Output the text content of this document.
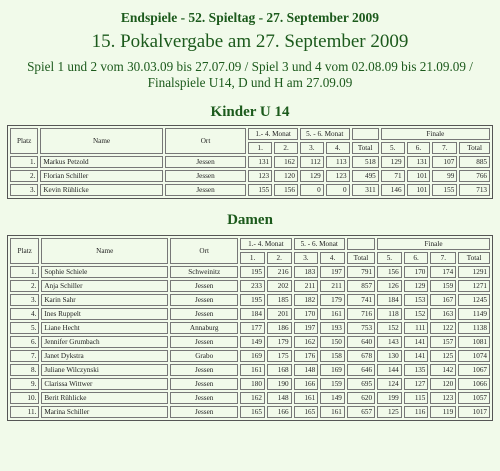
Endspiele - 52. Spieltag - 27. September 2009
15. Pokalvergabe am 27. September 2009
Spiel 1 und 2 vom 30.03.09 bis 27.07.09 / Spiel 3 und 4 vom 02.08.09 bis 21.09.09 /
Finalspiele U14, D und H am 27.09.09
Kinder U 14
Platz	Name	Ort	1.- 4. Monat		5. - 6. Monat			Finale			
			1.	2.	3.	4.	Total	5.	6.	7.	Total
1.	Markus Petzold	Jessen	131	162	112	113	518	129	131	107	885
2.	Florian Schiller	Jessen	123	120	129	123	495	71	101	99	766
3.	Kevin Rühlicke	Jessen	155	156	0	0	311	146	101	155	713
Damen
Platz	Name	Ort	1.- 4. Monat		5. - 6. Monat			Finale			
			1.	2.	3.	4.	Total	5.	6.	7.	Total
1.	Sophie Schiele	Schweinitz	195	216	183	197	791	156	170	174	1291
2.	Anja Schiller	Jessen	233	202	211	211	857	126	129	159	1271
3.	Karin Sahr	Jessen	195	185	182	179	741	184	153	167	1245
4.	Ines Ruppelt	Jessen	184	201	170	161	716	118	152	163	1149
5.	Liane Hecht	Annaburg	177	186	197	193	753	152	111	122	1138
6.	Jennifer Grumbach	Jessen	149	179	162	150	640	143	141	157	1081
7.	Janet Dykstra	Grabo	169	175	176	158	678	130	141	125	1074
8.	Juliane Wilczynski	Jessen	161	168	148	169	646	144	135	142	1067
9.	Clarissa Wittwer	Jessen	180	190	166	159	695	124	127	120	1066
10.	Berit Rühlicke	Jessen	162	148	161	149	620	199	115	123	1057
11.	Marina Schiller	Jessen	165	166	165	161	657	125	116	119	1017
